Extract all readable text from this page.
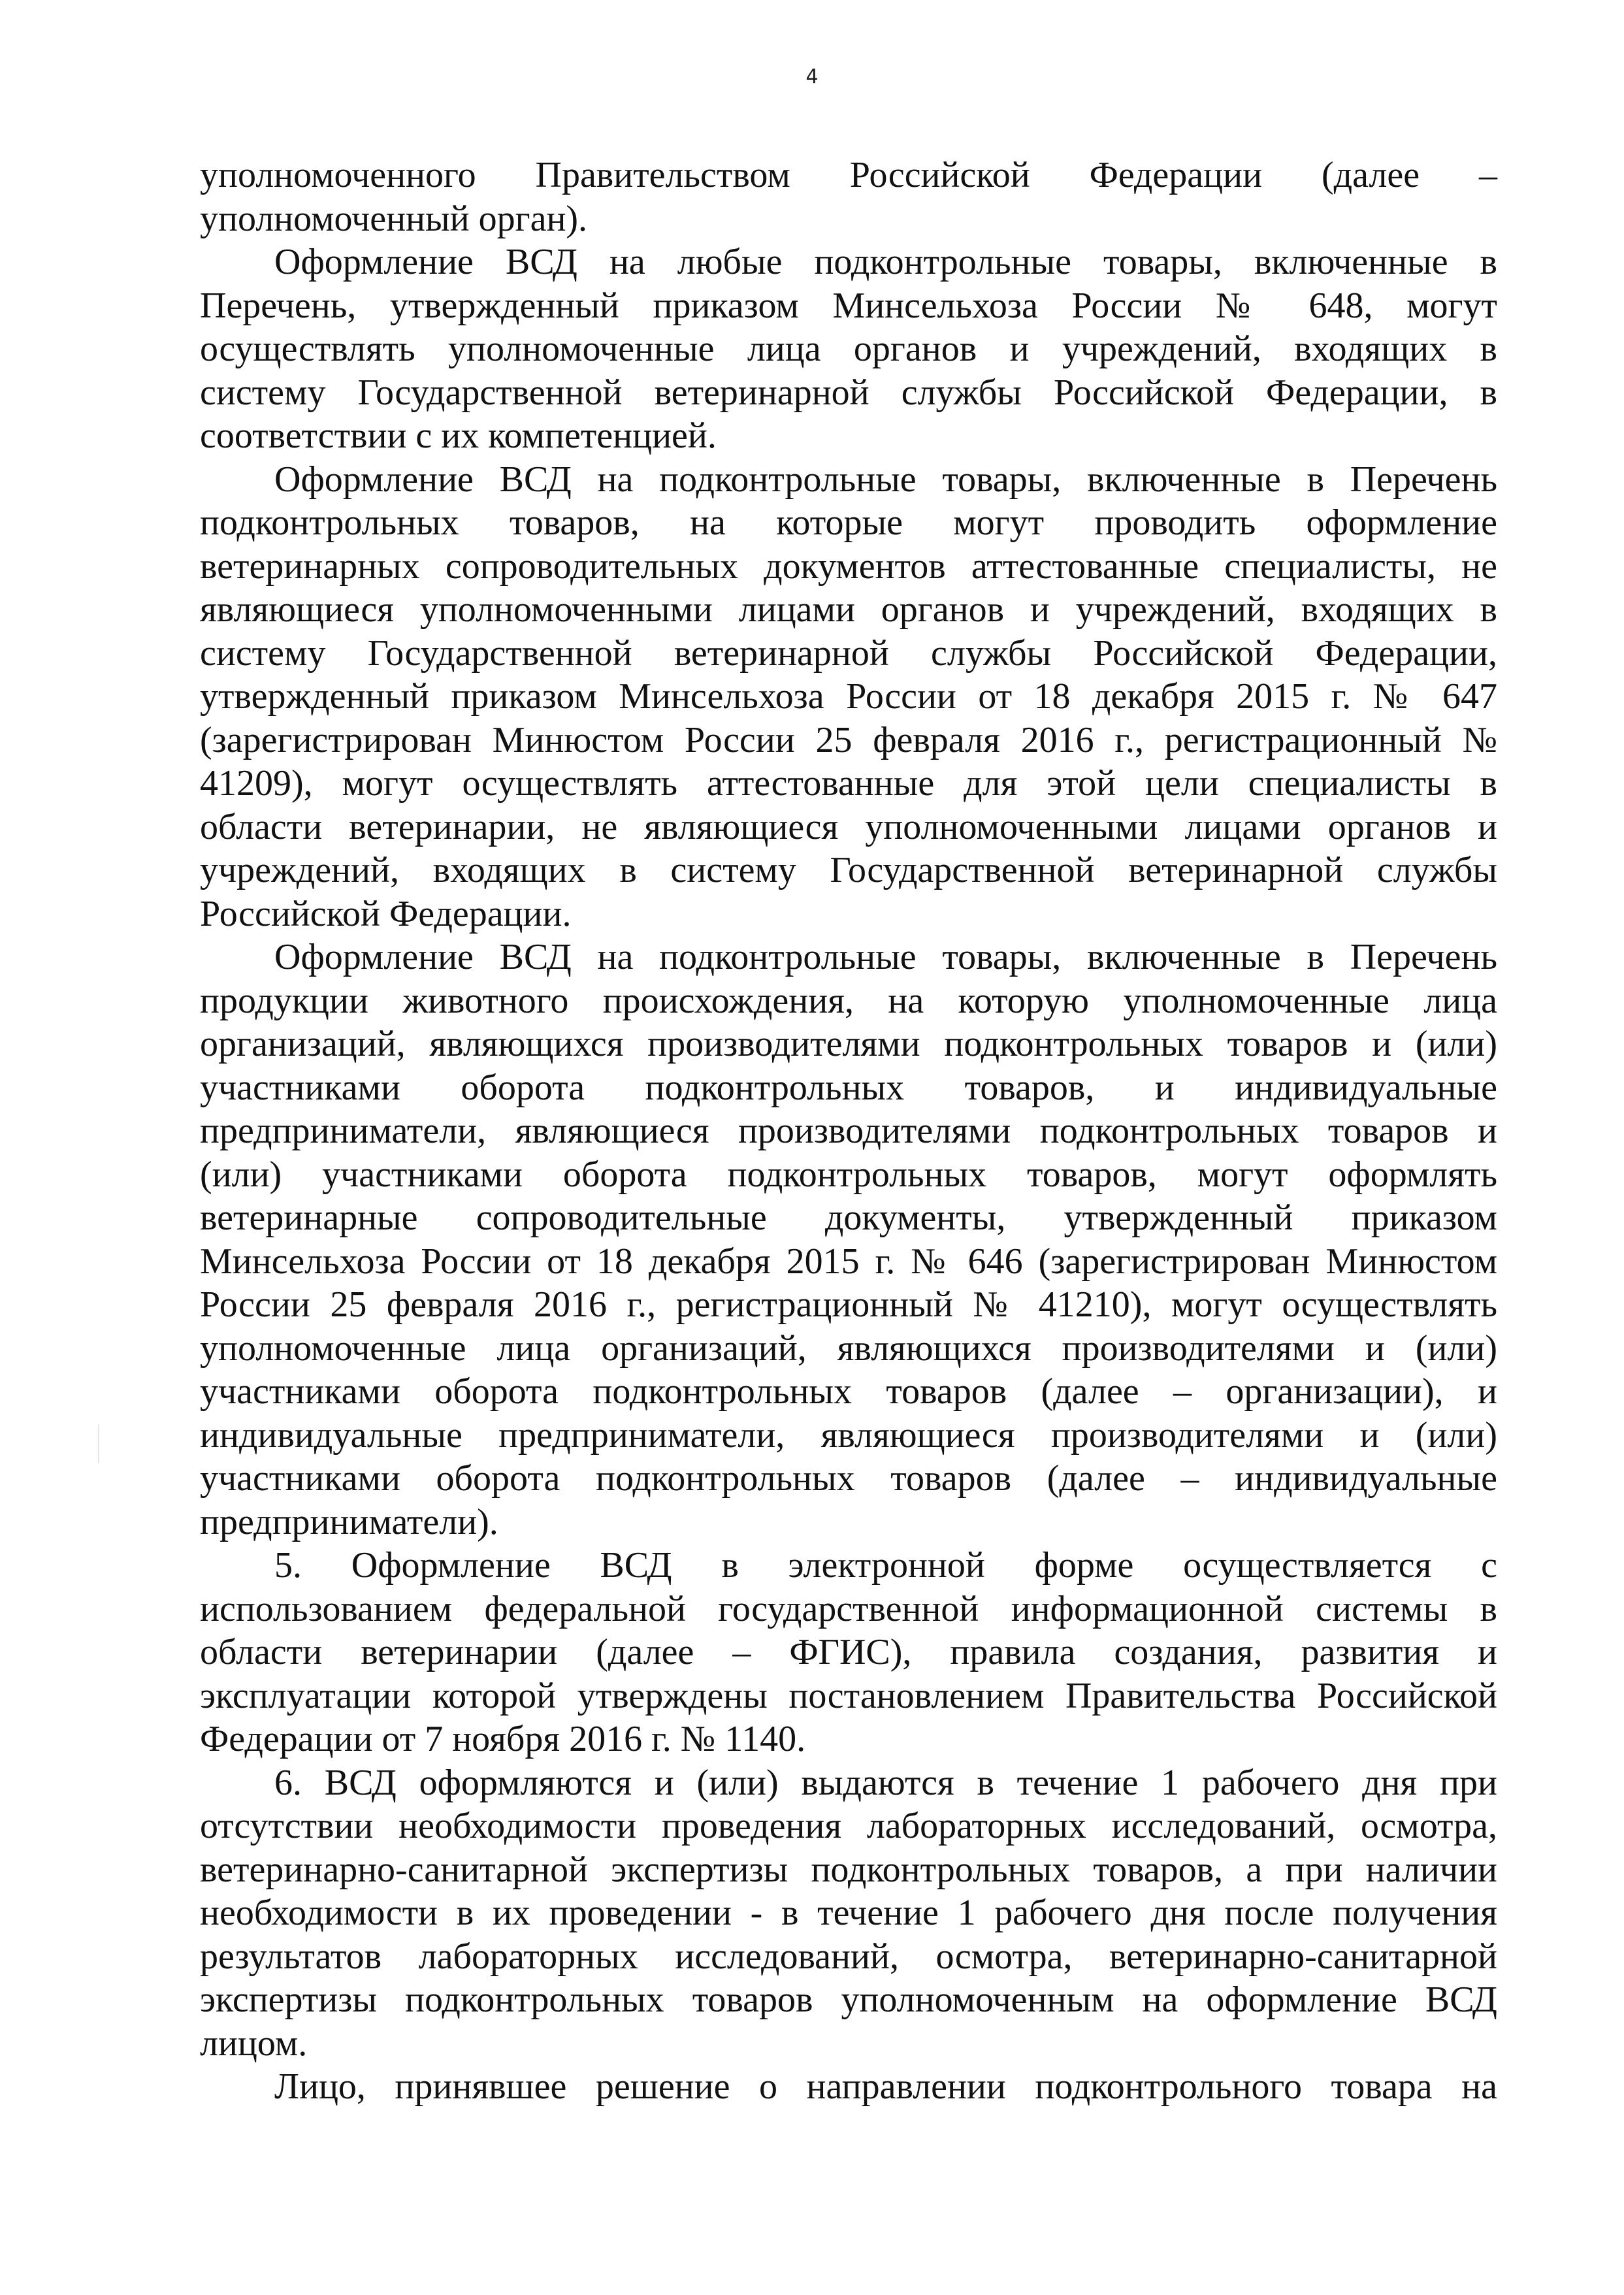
4

уполномоченного Правительством Российской Федерации (далее –
уполномоченный орган).

Оформление ВСД на любые подконтрольные товары, включенные в
Перечень, утвержденный приказом Минсельхоза России № 648, могут
осуществлять уполномоченные лица органов и учреждений, входящих в
систему Государственной ветеринарной службы Российской Федерации, в
соответствии с их компетенцией.

Оформление ВСД на подконтрольные товары, включенные в Перечень
подконтрольных товаров, на которые могут проводить оформление
ветеринарных сопроводительных документов аттестованные специалисты, не
являющиеся уполномоченными лицами органов и учреждений, входящих в
систему Государственной ветеринарной службы Российской Федерации,
утвержденный приказом Минсельхоза России от 18 декабря 2015 г. № 647
(зарегистрирован Минюстом России 25 февраля 2016 г., регистрационный №
41209), могут осуществлять аттестованные для этой цели специалисты в
области ветеринарии, не являющиеся уполномоченными лицами органов и
учреждений, входящих в систему Государственной ветеринарной службы
Российской Федерации.

Оформление ВСД на подконтрольные товары, включенные в Перечень
продукции животного происхождения, на которую уполномоченные лица
организаций, являющихся производителями подконтрольных товаров и (или)
участниками оборота подконтрольных товаров, и индивидуальные
предприниматели, являющиеся производителями подконтрольных товаров и
(или) участниками оборота подконтрольных товаров, могут оформлять
ветеринарные сопроводительные документы, утвержденный приказом
Минсельхоза России от 18 декабря 2015 г. № 646 (зарегистрирован Минюстом
России 25 февраля 2016 г., регистрационный № 41210), могут осуществлять
уполномоченные лица организаций, являющихся производителями и (или)
участниками оборота подконтрольных товаров (далее – организации), и
индивидуальные предприниматели, являющиеся производителями и (или)
участниками оборота подконтрольных товаров (далее – индивидуальные
предприниматели).

5. Оформление ВСД в электронной форме осуществляется с
использованием федеральной государственной информационной системы в
области ветеринарии (далее – ФГИС), правила создания, развития и
эксплуатации которой утверждены постановлением Правительства Российской
Федерации от 7 ноября 2016 г. № 1140.

6. ВСД оформляются и (или) выдаются в течение 1 рабочего дня при
отсутствии необходимости проведения лабораторных исследований, осмотра,
ветеринарно-санитарной экспертизы подконтрольных товаров, а при наличии
необходимости в их проведении - в течение 1 рабочего дня после получения
результатов лабораторных исследований, осмотра, ветеринарно-санитарной
экспертизы подконтрольных товаров уполномоченным на оформление ВСД
лицом.

Лицо, принявшее решение о направлении подконтрольного товара на
